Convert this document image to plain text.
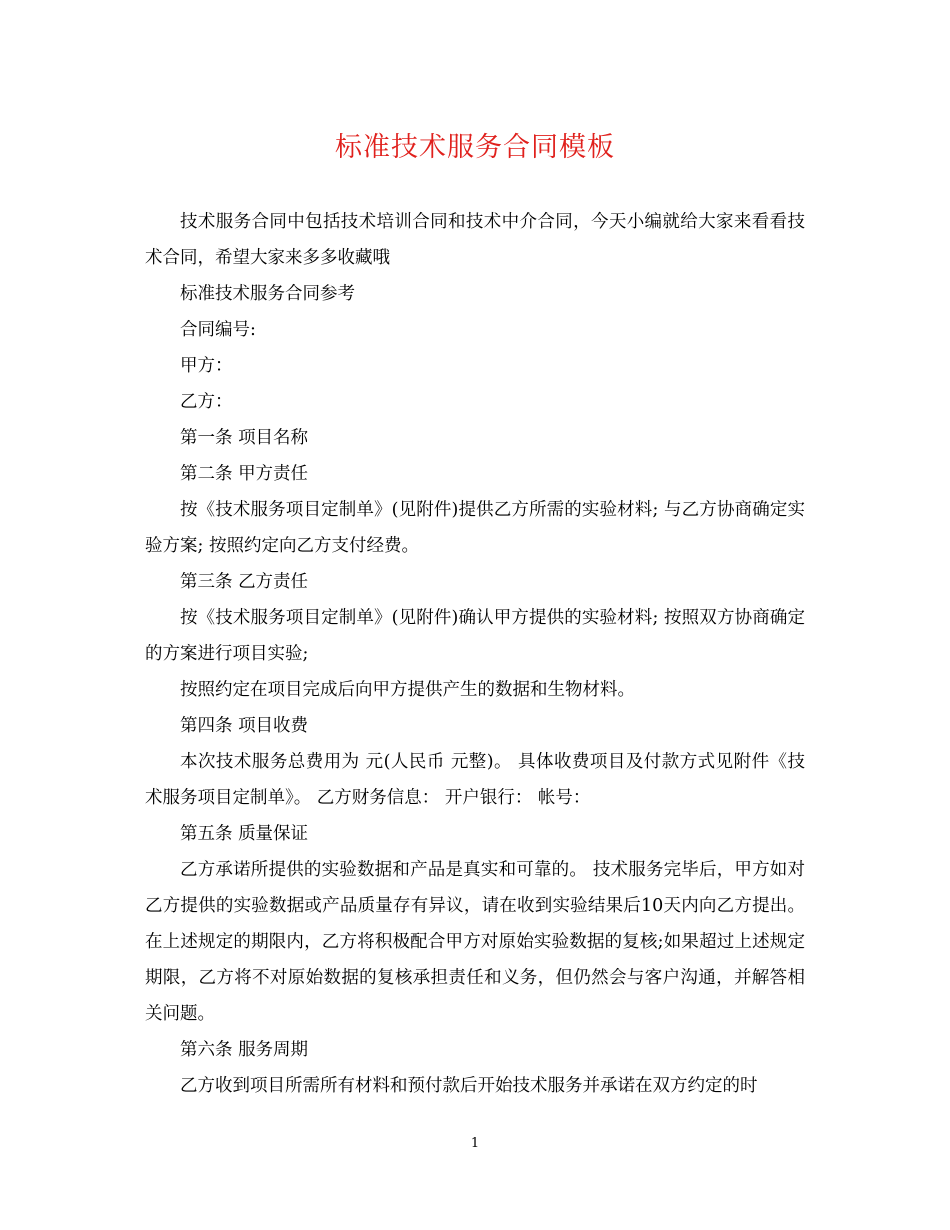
标准技术服务合同模板

技术服务合同中包括技术培训合同和技术中介合同，今天小编就给大家来看看技术合同，希望大家来多多收藏哦

标准技术服务合同参考

合同编号:

甲方：

乙方：

第一条 项目名称

第二条 甲方责任

按《技术服务项目定制单》(见附件)提供乙方所需的实验材料; 与乙方协商确定实验方案; 按照约定向乙方支付经费。

第三条 乙方责任

按《技术服务项目定制单》(见附件)确认甲方提供的实验材料; 按照双方协商确定的方案进行项目实验;

按照约定在项目完成后向甲方提供产生的数据和生物材料。

第四条 项目收费

本次技术服务总费用为 元(人民币 元整)。 具体收费项目及付款方式见附件《技术服务项目定制单》。 乙方财务信息： 开户银行： 帐号：

第五条 质量保证

乙方承诺所提供的实验数据和产品是真实和可靠的。 技术服务完毕后，甲方如对乙方提供的实验数据或产品质量存有异议，请在收到实验结果后10天内向乙方提出。在上述规定的期限内，乙方将积极配合甲方对原始实验数据的复核;如果超过上述规定期限，乙方将不对原始数据的复核承担责任和义务，但仍然会与客户沟通，并解答相关问题。

第六条 服务周期

乙方收到项目所需所有材料和预付款后开始技术服务并承诺在双方约定的时

1
